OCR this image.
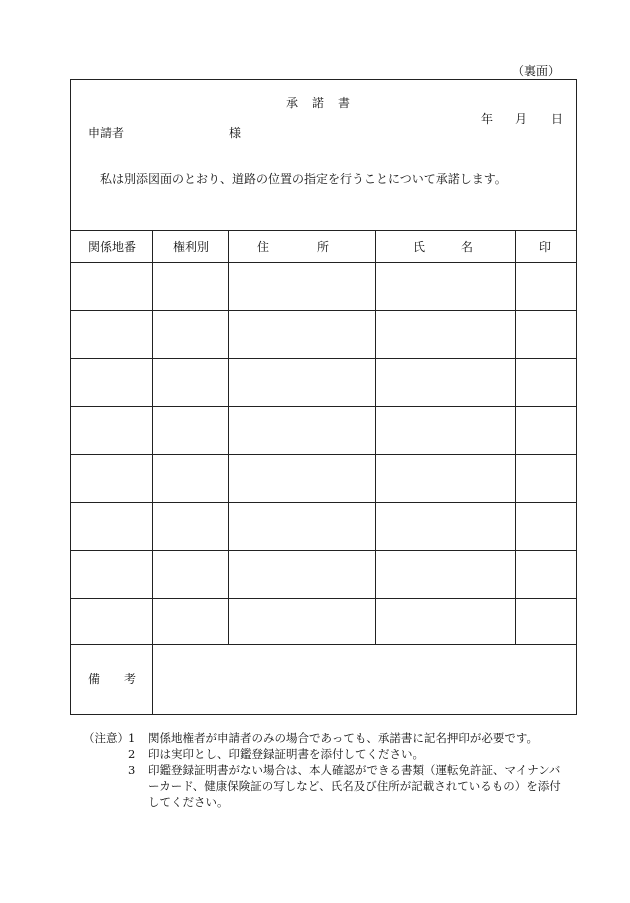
（裏面）
承　諾　書
年 月 日
申請者	様
私は別添図面のとおり、道路の位置の指定を行うことについて承諾します。
関係地番	権利別	住　　　　所	氏　　　名	印
備　　考
（注意） 1	関係地権者が申請者のみの場合であっても、承諾書に記名押印が必要です。
2	印は実印とし、印鑑登録証明書を添付してください。
3	印鑑登録証明書がない場合は、本人確認ができる書類（運転免許証、マイナンバーカード、健康保険証の写しなど、氏名及び住所が記載されているもの）を添付してください。
